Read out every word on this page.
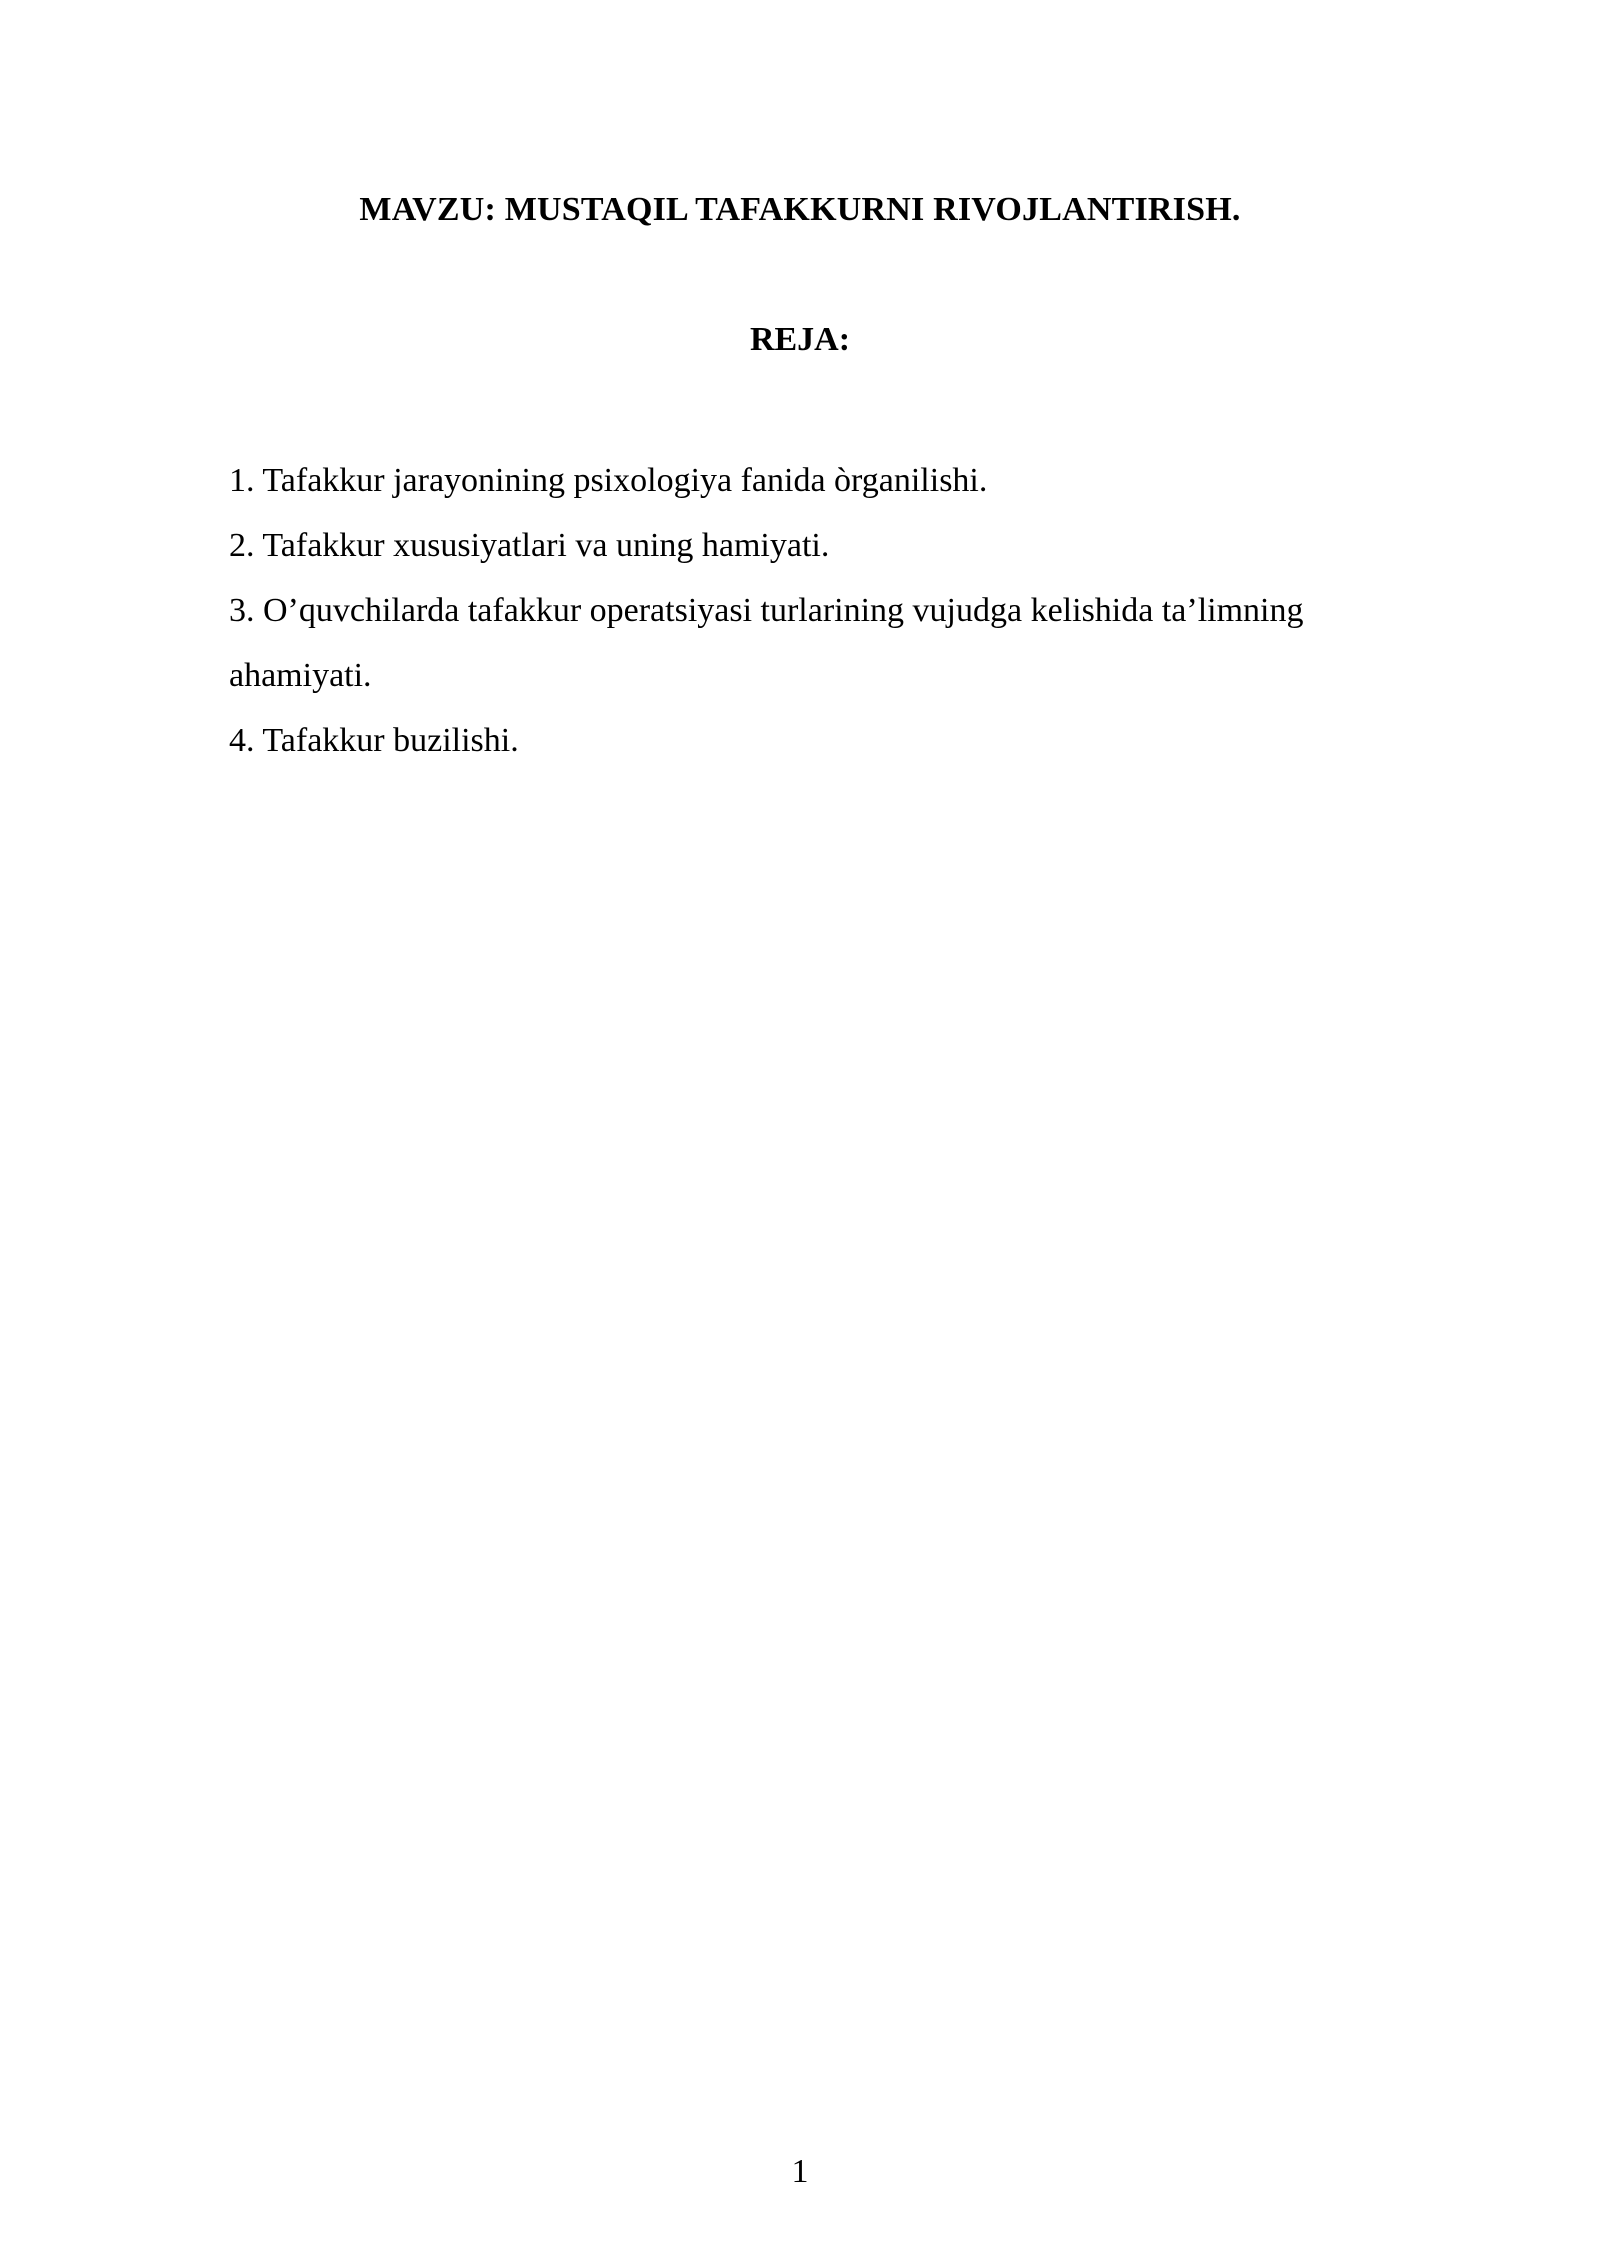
MAVZU: MUSTAQIL TAFAKKURNI RIVOJLANTIRISH.
REJA:
1. Tafakkur jarayonining psixologiya fanida òrganilishi.
2. Tafakkur xususiyatlari va uning hamiyati.
3. O’quvchilarda tafakkur operatsiyasi turlarining vujudga kelishida ta’limning ahamiyati.
4. Tafakkur buzilishi.
1
